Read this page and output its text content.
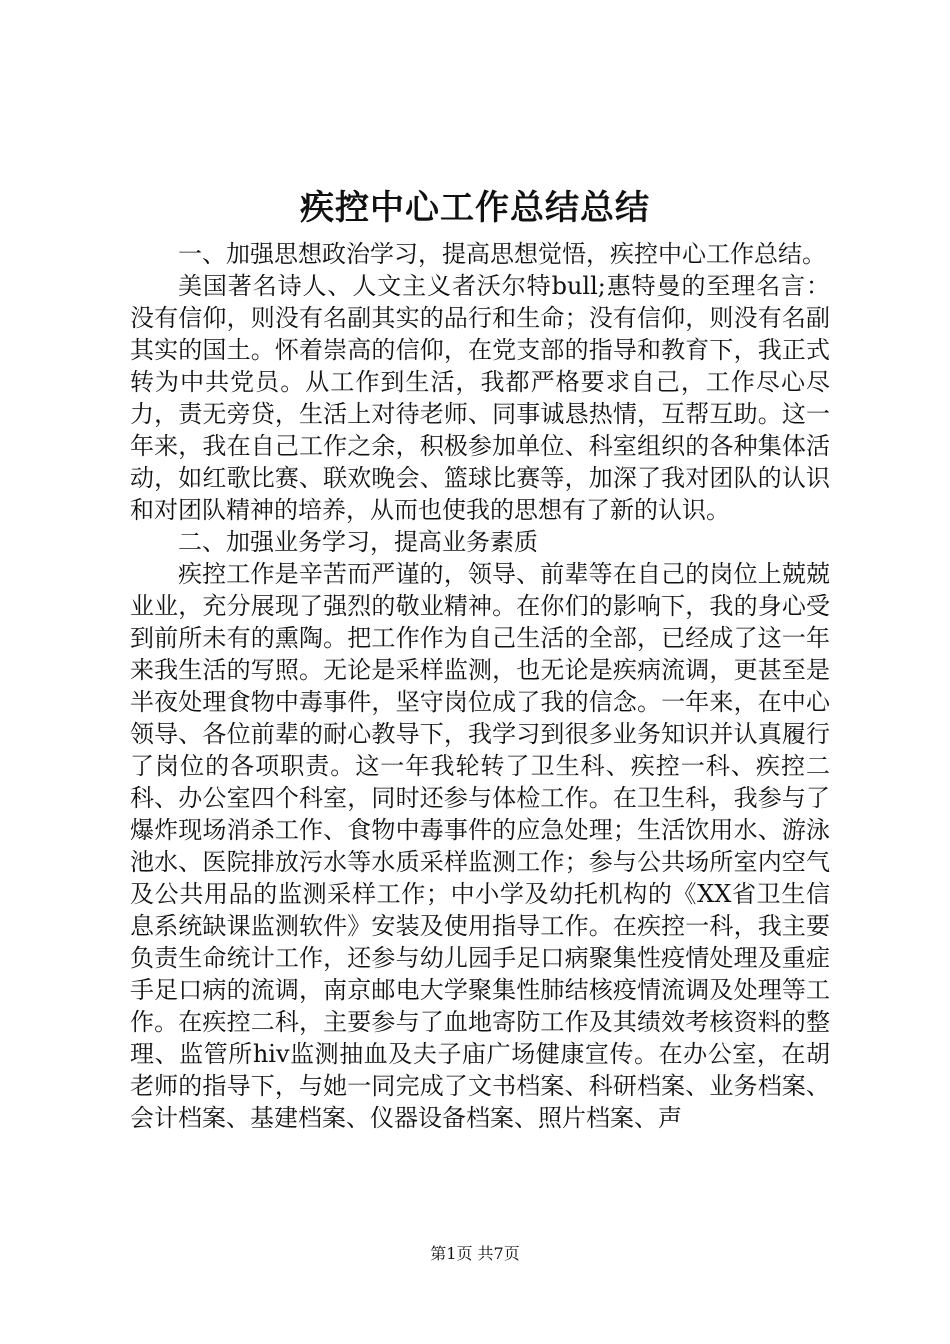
疾控中心工作总结总结

一、加强思想政治学习，提高思想觉悟，疾控中心工作总结。

美国著名诗人、人文主义者沃尔特bull;惠特曼的至理名言：没有信仰，则没有名副其实的品行和生命；没有信仰，则没有名副其实的国土。怀着崇高的信仰，在党支部的指导和教育下，我正式转为中共党员。从工作到生活，我都严格要求自己，工作尽心尽力，责无旁贷，生活上对待老师、同事诚恳热情，互帮互助。这一年来，我在自己工作之余，积极参加单位、科室组织的各种集体活动，如红歌比赛、联欢晚会、篮球比赛等，加深了我对团队的认识和对团队精神的培养，从而也使我的思想有了新的认识。

二、加强业务学习，提高业务素质

疾控工作是辛苦而严谨的，领导、前辈等在自己的岗位上兢兢业业，充分展现了强烈的敬业精神。在你们的影响下，我的身心受到前所未有的熏陶。把工作作为自己生活的全部，已经成了这一年来我生活的写照。无论是采样监测，也无论是疾病流调，更甚至是半夜处理食物中毒事件，坚守岗位成了我的信念。一年来，在中心领导、各位前辈的耐心教导下，我学习到很多业务知识并认真履行了岗位的各项职责。这一年我轮转了卫生科、疾控一科、疾控二科、办公室四个科室，同时还参与体检工作。在卫生科，我参与了爆炸现场消杀工作、食物中毒事件的应急处理；生活饮用水、游泳池水、医院排放污水等水质采样监测工作；参与公共场所室内空气及公共用品的监测采样工作；中小学及幼托机构的《XX省卫生信息系统缺课监测软件》安装及使用指导工作。在疾控一科，我主要负责生命统计工作，还参与幼儿园手足口病聚集性疫情处理及重症手足口病的流调，南京邮电大学聚集性肺结核疫情流调及处理等工作。在疾控二科，主要参与了血地寄防工作及其绩效考核资料的整理、监管所hiv监测抽血及夫子庙广场健康宣传。在办公室，在胡老师的指导下，与她一同完成了文书档案、科研档案、业务档案、会计档案、基建档案、仪器设备档案、照片档案、声

第1页 共7页
